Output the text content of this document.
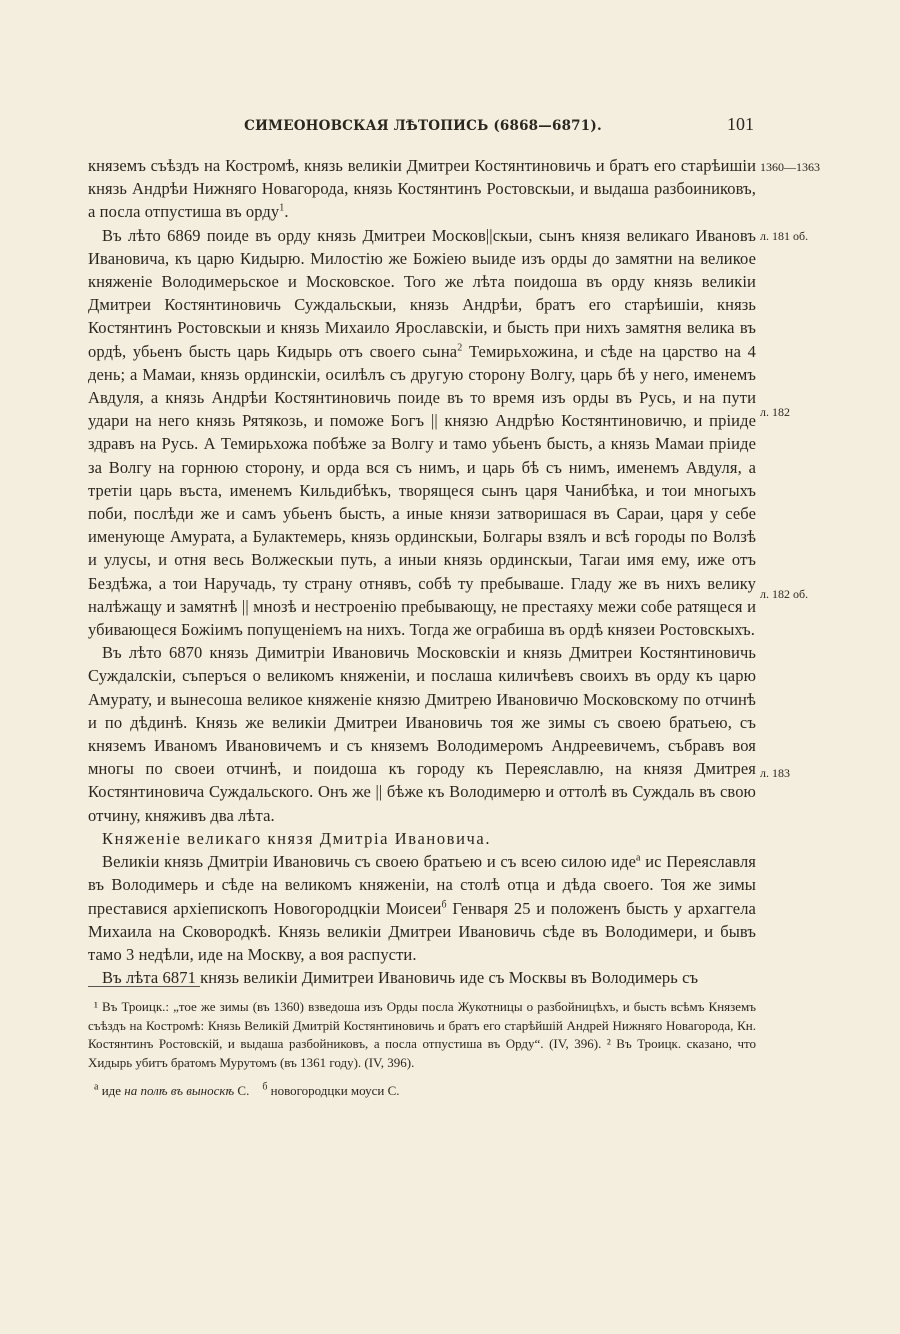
СИМЕОНОВСКАЯ ЛѢТОПИСЬ (6868—6871).	101

княземъ съѣздъ на Костромѣ, князь великіи Дмитреи Костянтиновичь и братъ его старѣишіи князь Андрѣи Нижняго Новагорода, князь Костянтинъ Ростовскыи, и выдаша разбоиниковъ, а посла отпустиша въ орду$^1$.

Въ лѣто 6869 поиде въ орду князь Дмитреи Москов||скыи, сынъ князя великаго Ивановъ Ивановича, къ царю Кидырю. Милостію же Божіею выиде изъ орды до замятни на великое княженіе Володимерьское и Московское. Того же лѣта поидоша въ орду князь великіи Дмитреи Костянтиновичь Суждальскыи, князь Андрѣи, братъ его старѣишіи, князь Костянтинъ Ростовскыи и князь Михаило Ярославскіи, и бысть при нихъ замятня велика въ ордѣ, убьенъ бысть царь Кидырь отъ своего сына$^2$ Темирьхожина, и сѣде на царство на 4 день; а Мамаи, князь ординскіи, осилѣлъ съ другую сторону Волгу, царь бѣ у него, именемъ Авдуля, а князь Андрѣи Костянтиновичь поиде въ то время изъ орды въ Русь, и на пути удари на него князь Рятякозь, и поможе Богъ || князю Андрѣю Костянтиновичю, и пріиде здравъ на Русь. А Темирьхожа побѣже за Волгу и тамо убьенъ бысть, а князь Мамаи пріиде за Волгу на горнюю сторону, и орда вся съ нимъ, и царь бѣ съ нимъ, именемъ Авдуля, а третіи царь въста, именемъ Кильдибѣкъ, творящеся сынъ царя Чанибѣка, и тои многыхъ поби, послѣди же и самъ убьенъ бысть, а иные князи затворишася въ Сараи, царя у себе именующе Амурата, а Булактемерь, князь ординскыи, Болгары взялъ и всѣ городы по Волзѣ и улусы, и отня весь Волжескыи путь, а иныи князь ординскыи, Тагаи имя ему, иже отъ Бездѣжа, а тои Наручадь, ту страну отнявъ, собѣ ту пребываше. Гладу же въ нихъ велику налѣжащу и замятнѣ || мнозѣ и нестроенію пребывающу, не престаяху межи собе ратящеся и убивающеся Божіимъ попущеніемъ на нихъ. Тогда же ограбиша въ ордѣ князеи Ростовскыхъ.

Въ лѣто 6870 князь Димитріи Ивановичь Московскіи и князь Дмитреи Костянтиновичь Суждалскіи, съперъся о великомъ княженіи, и послаша киличѣевъ своихъ въ орду къ царю Амурату, и вынесоша великое княженіе князю Дмитрею Ивановичю Московскому по отчинѣ и по дѣдинѣ. Князь же великіи Дмитреи Ивановичь тоя же зимы съ своею братьею, съ княземъ Иваномъ Ивановичемъ и съ княземъ Володимеромъ Андреевичемъ, събравъ воя многы по своеи отчинѣ, и поидоша къ городу къ Переяславлю, на князя Дмитрея Костянтиновича Суждальского. Онъ же || бѣже къ Володимерю и оттолѣ въ Суждаль въ свою отчину, княживъ два лѣта.

Княженіе великаго князя Дмитріа Ивановича.

Великіи князь Дмитріи Ивановичь съ своею братьею и съ всею силою иде$^а$ ис Переяславля въ Володимерь и сѣде на великомъ княженіи, на столѣ отца и дѣда своего. Тоя же зимы преставися архіепископъ Новогородцкіи Моисеи$^б$ Генваря 25 и положенъ бысть у архаггела Михаила на Сковородкѣ. Князь великіи Дмитреи Ивановичь сѣде въ Володимери, и бывъ тамо 3 недѣли, иде на Москву, а воя распусти.

Въ лѣта 6871 князь великіи Димитреи Ивановичь иде съ Москвы въ Володимерь съ

1360—1363
л. 181 об.
л. 182
л. 182 об.
л. 183

¹ Въ Троицк.: „тое же зимы (въ 1360) взведоша изъ Орды посла Жукотницы о разбойницѣхъ, и бысть всѣмъ Княземъ съѣздъ на Костромѣ: Князь Великій Дмитрій Костянтиновичь и братъ его старѣйшій Андрей Нижняго Новагорода, Кн. Костянтинъ Ростовскій, и выдаша разбойниковъ, а посла отпустиша въ Орду“. (IV, 396). ² Въ Троицк. сказано, что Хидырь убитъ братомъ Мурутомъ (въ 1361 году). (IV, 396).

$^а$ иде на полѣ въ выноскѣ С.    $^б$ новогородцки моуси С.
